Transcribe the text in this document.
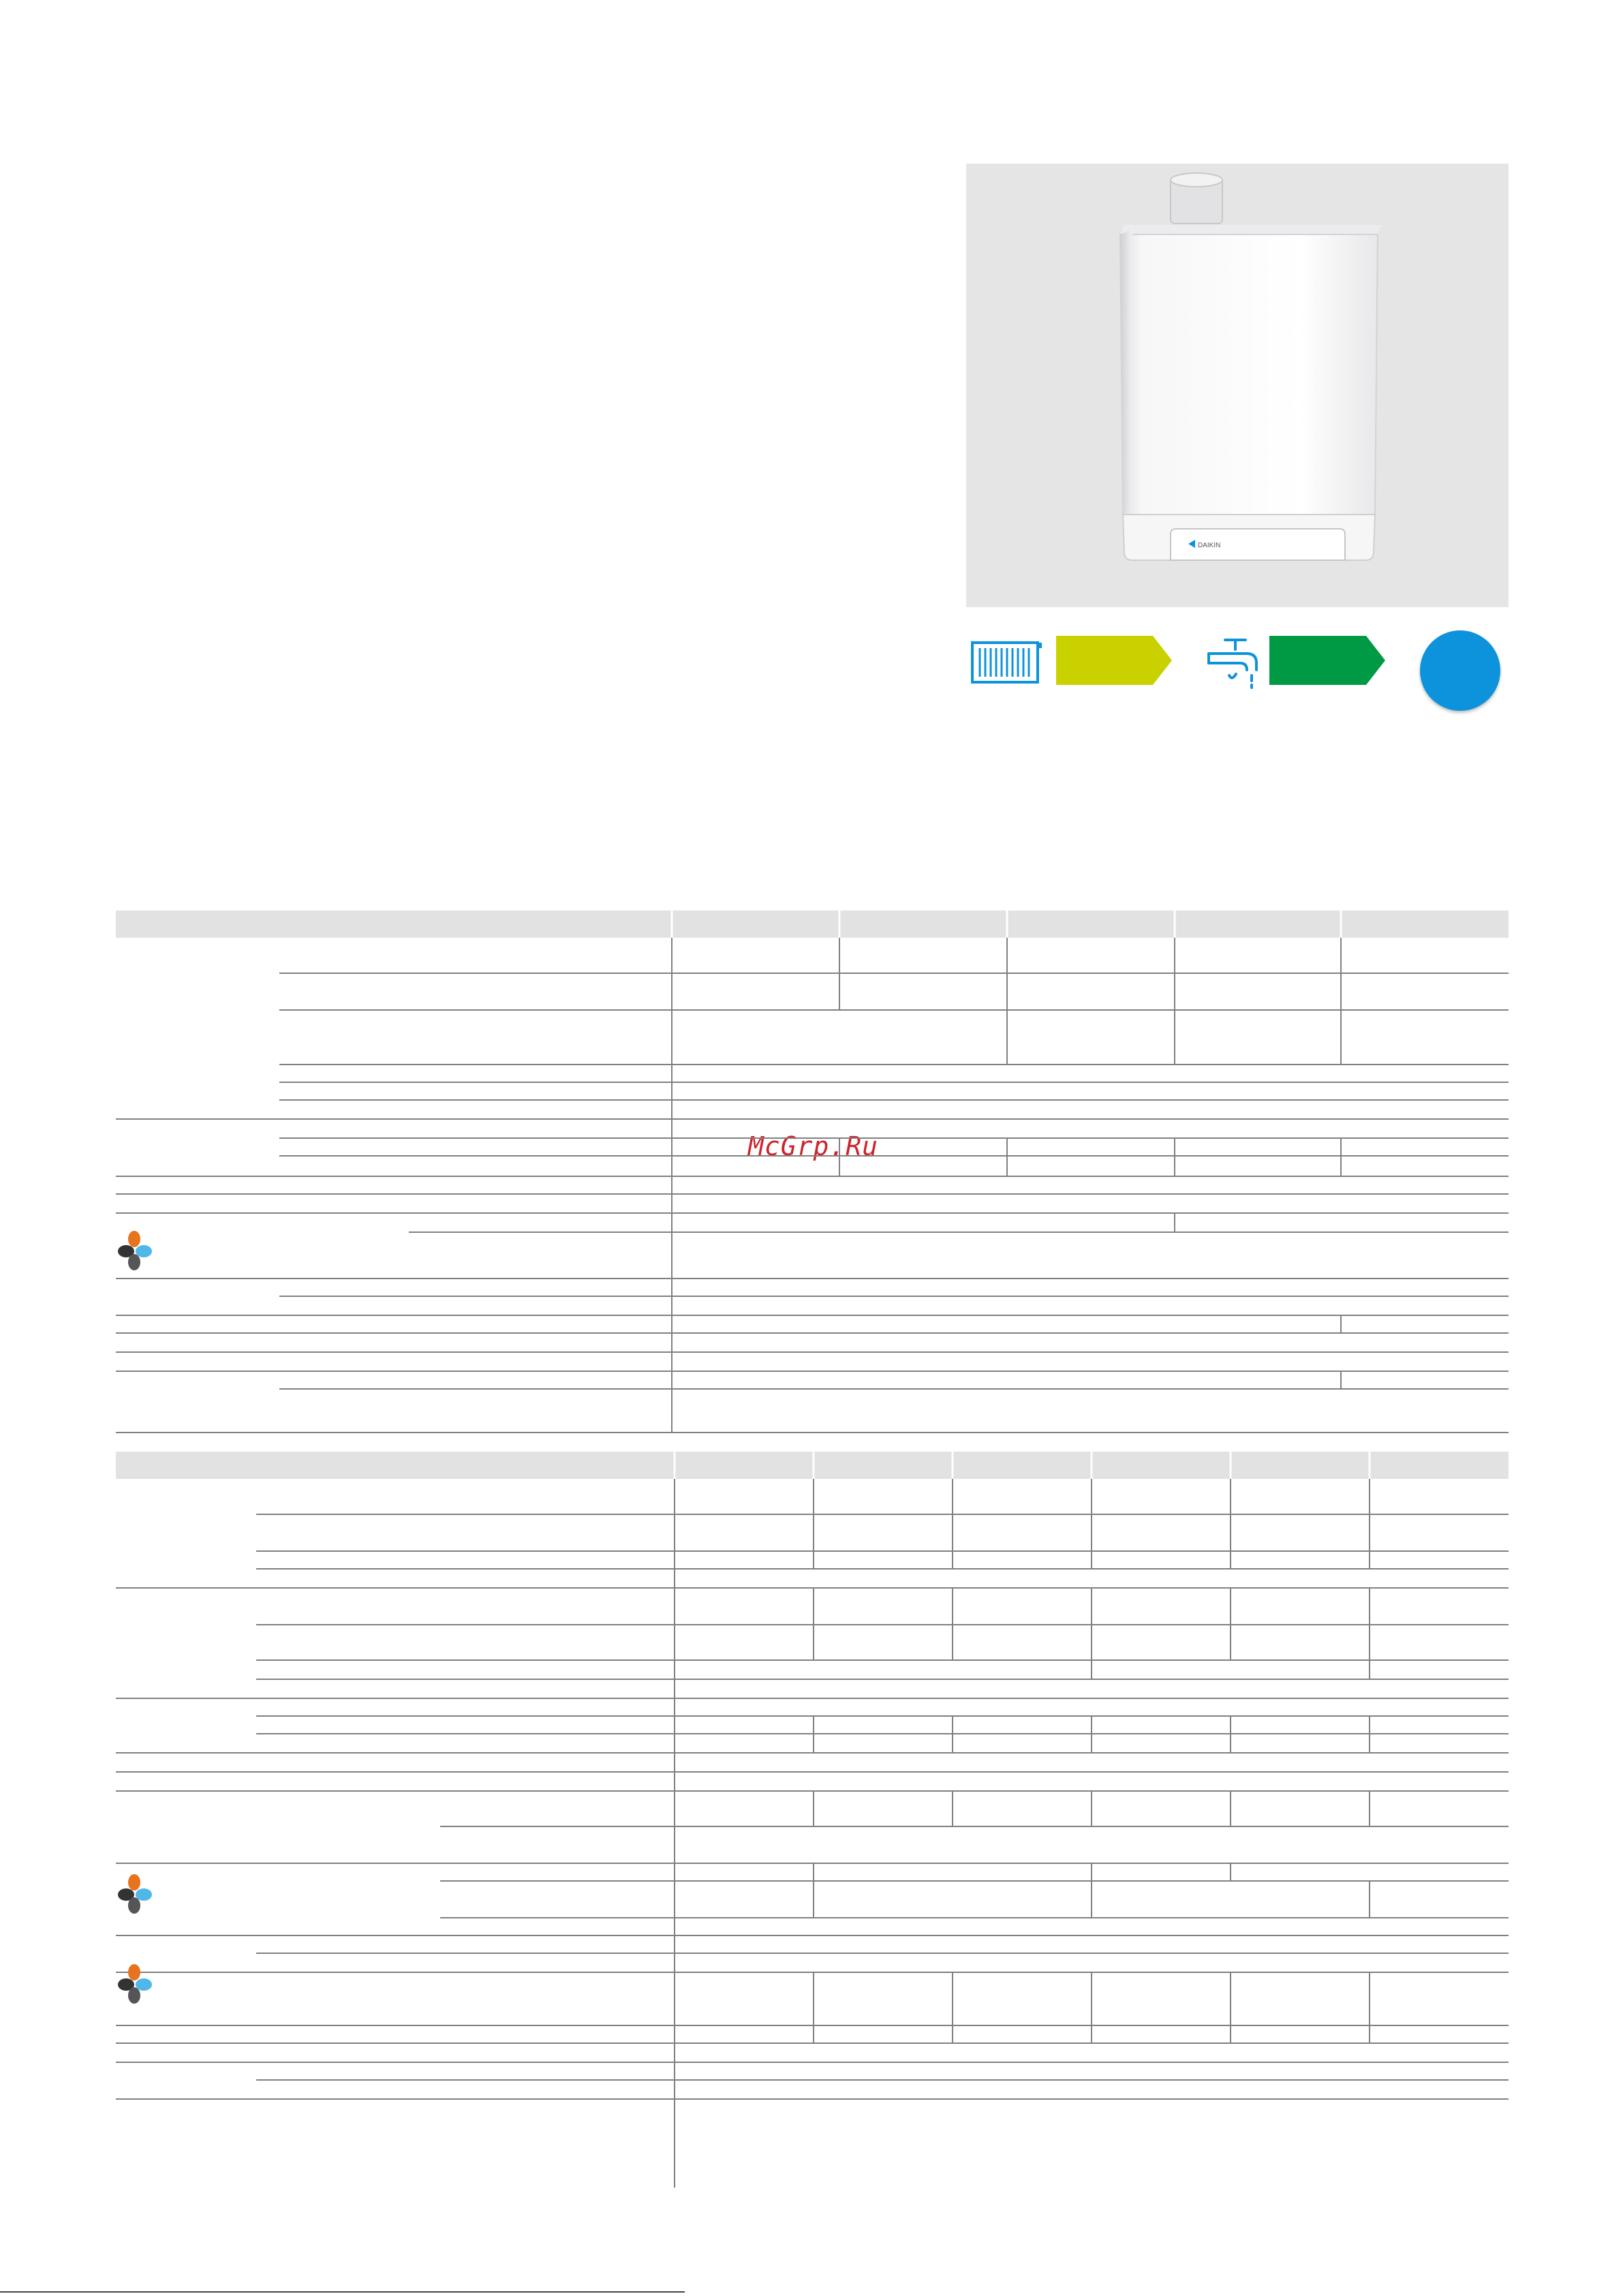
DAIKIN
McGrp.Ru
